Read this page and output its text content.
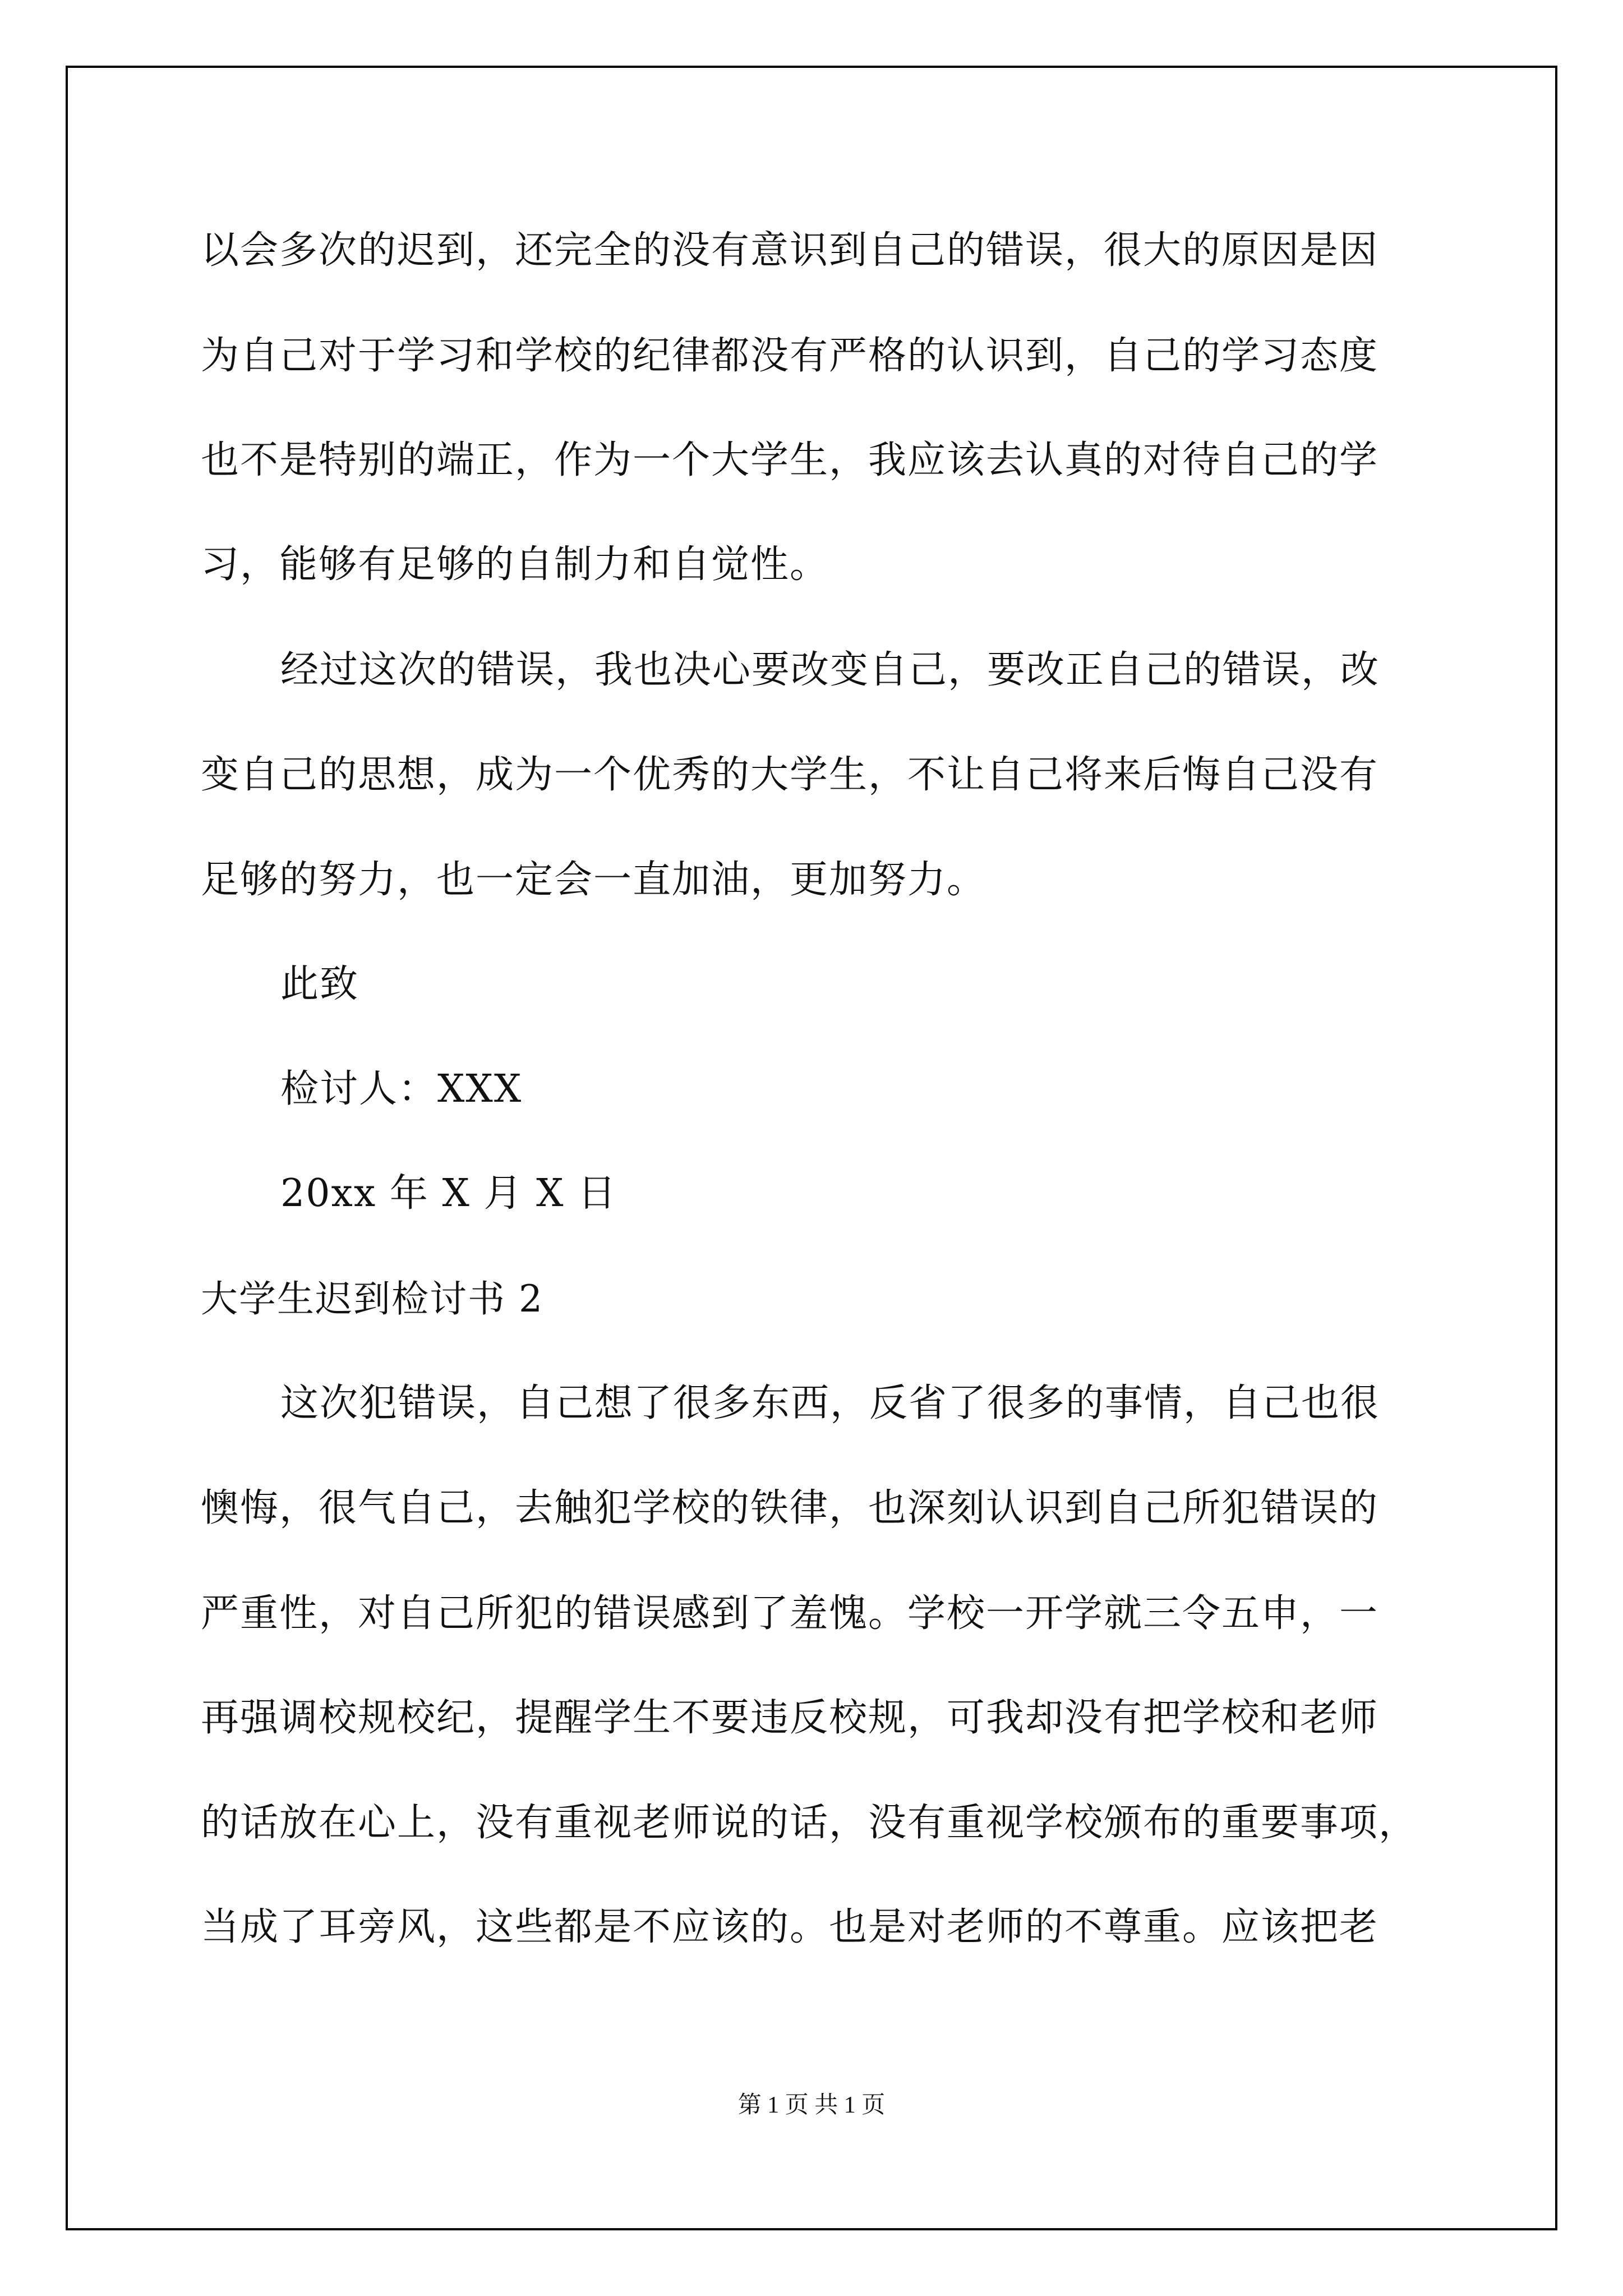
以会多次的迟到，还完全的没有意识到自己的错误，很大的原因是因
为自己对于学习和学校的纪律都没有严格的认识到，自己的学习态度
也不是特别的端正，作为一个大学生，我应该去认真的对待自己的学
习，能够有足够的自制力和自觉性。
经过这次的错误，我也决心要改变自己，要改正自己的错误，改
变自己的思想，成为一个优秀的大学生，不让自己将来后悔自己没有
足够的努力，也一定会一直加油，更加努力。
此致
检讨人：XXX
20xx 年 X 月 X 日
大学生迟到检讨书 2
这次犯错误，自己想了很多东西，反省了很多的事情，自己也很
懊悔，很气自己，去触犯学校的铁律，也深刻认识到自己所犯错误的
严重性，对自己所犯的错误感到了羞愧。学校一开学就三令五申，一
再强调校规校纪，提醒学生不要违反校规，可我却没有把学校和老师
的话放在心上，没有重视老师说的话，没有重视学校颁布的重要事项，
当成了耳旁风，这些都是不应该的。也是对老师的不尊重。应该把老
第 1 页 共 1 页
